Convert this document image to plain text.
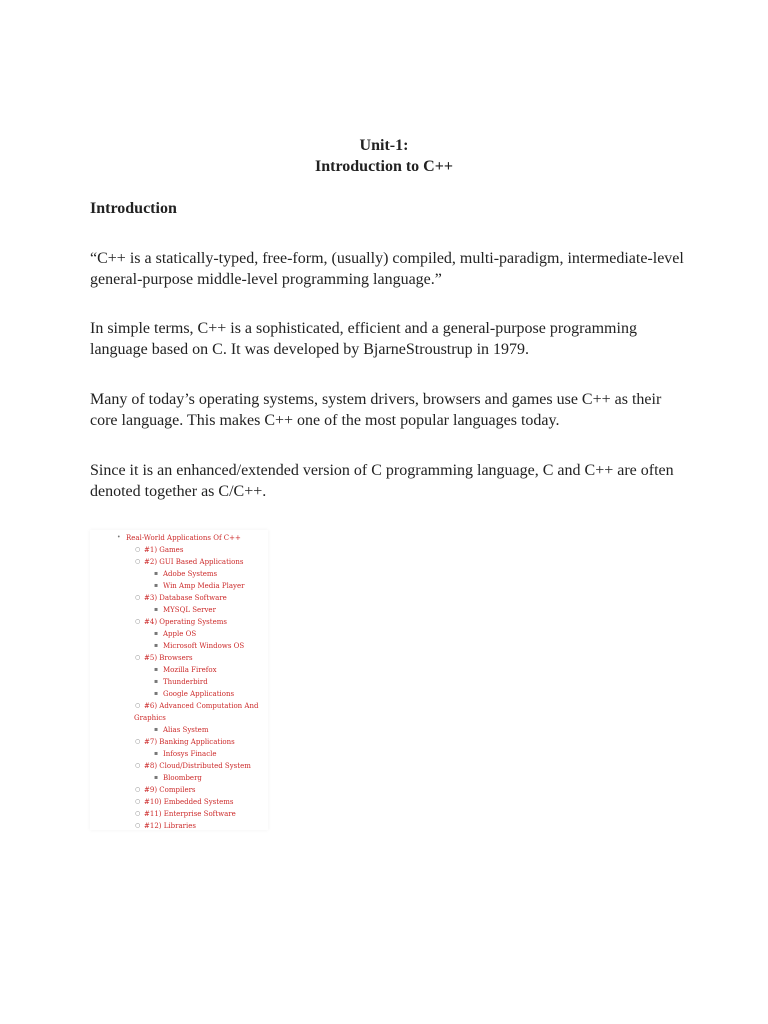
Unit-1:
Introduction to C++
Introduction

“C++ is a statically-typed, free-form, (usually) compiled, multi-paradigm, intermediate-level general-purpose middle-level programming language.”

In simple terms, C++ is a sophisticated, efficient and a general-purpose programming language based on C. It was developed by BjarneStroustrup in 1979.

Many of today’s operating systems, system drivers, browsers and games use C++ as their core language. This makes C++ one of the most popular languages today.

Since it is an enhanced/extended version of C programming language, C and C++ are often denoted together as C/C++.

• Real-World Applications Of C++
○ #1) Games
○ #2) GUI Based Applications
▪ Adobe Systems
▪ Win Amp Media Player
○ #3) Database Software
▪ MYSQL Server
○ #4) Operating Systems
▪ Apple OS
▪ Microsoft Windows OS
○ #5) Browsers
▪ Mozilla Firefox
▪ Thunderbird
▪ Google Applications
○ #6) Advanced Computation And
Graphics
▪ Alias System
○ #7) Banking Applications
▪ Infosys Finacle
○ #8) Cloud/Distributed System
▪ Bloomberg
○ #9) Compilers
○ #10) Embedded Systems
○ #11) Enterprise Software
○ #12) Libraries
